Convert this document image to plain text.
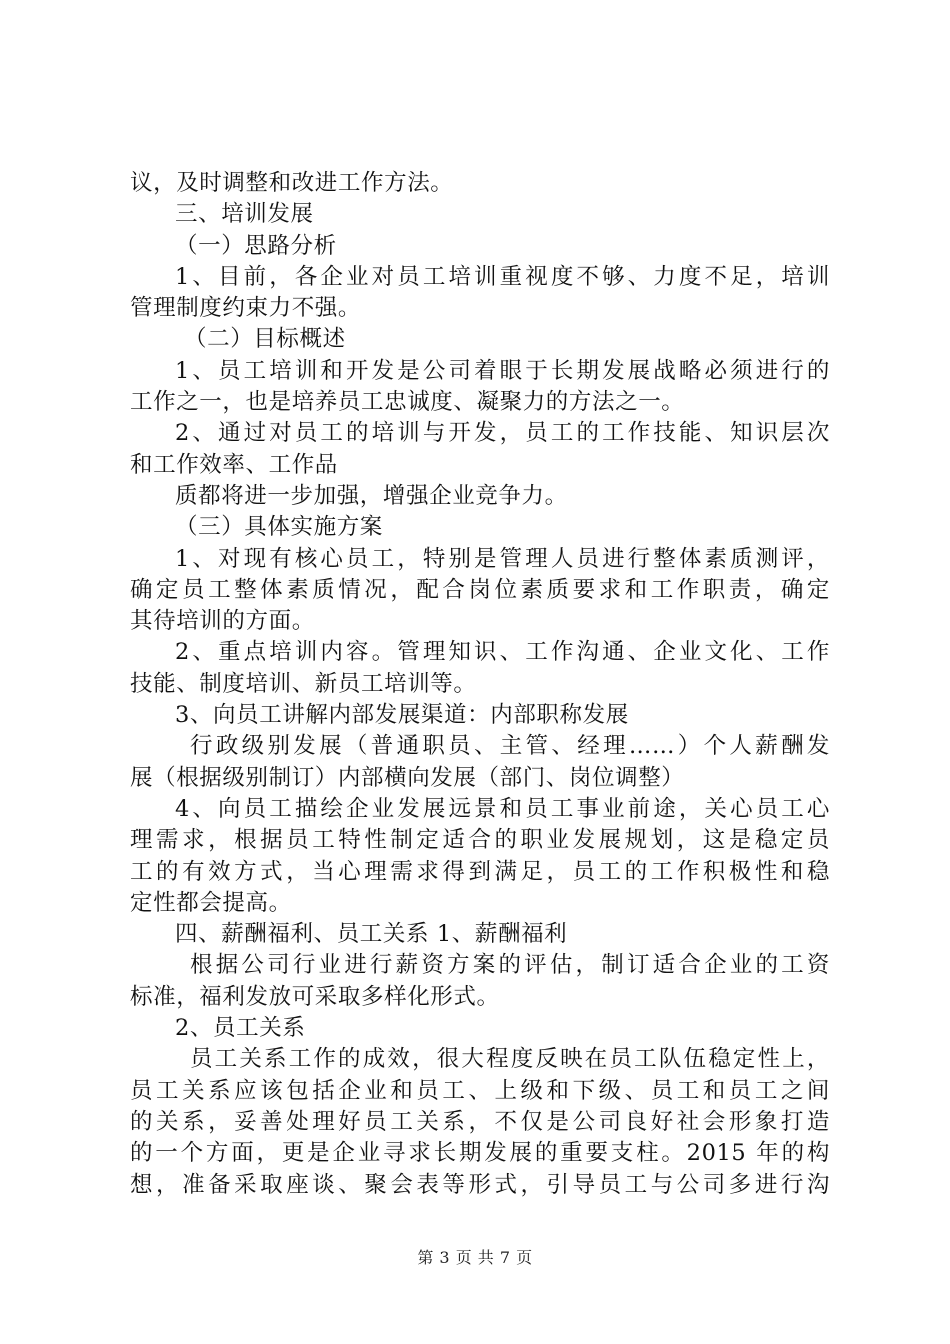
议，及时调整和改进工作方法。
三、培训发展
（一）思路分析
1、目前，各企业对员工培训重视度不够、力度不足，培训
管理制度约束力不强。
（二）目标概述
1、员工培训和开发是公司着眼于长期发展战略必须进行的
工作之一，也是培养员工忠诚度、凝聚力的方法之一。
2、通过对员工的培训与开发，员工的工作技能、知识层次
和工作效率、工作品
质都将进一步加强，增强企业竞争力。
（三）具体实施方案
1、对现有核心员工，特别是管理人员进行整体素质测评，
确定员工整体素质情况，配合岗位素质要求和工作职责，确定
其待培训的方面。
2、重点培训内容。管理知识、工作沟通、企业文化、工作
技能、制度培训、新员工培训等。
3、向员工讲解内部发展渠道：内部职称发展
行政级别发展（普通职员、主管、经理……）个人薪酬发
展（根据级别制订）内部横向发展（部门、岗位调整）
4、向员工描绘企业发展远景和员工事业前途，关心员工心
理需求，根据员工特性制定适合的职业发展规划，这是稳定员
工的有效方式，当心理需求得到满足，员工的工作积极性和稳
定性都会提高。
四、薪酬福利、员工关系 1、薪酬福利
根据公司行业进行薪资方案的评估，制订适合企业的工资
标准，福利发放可采取多样化形式。
2、员工关系
员工关系工作的成效，很大程度反映在员工队伍稳定性上，
员工关系应该包括企业和员工、上级和下级、员工和员工之间
的关系，妥善处理好员工关系，不仅是公司良好社会形象打造
的一个方面，更是企业寻求长期发展的重要支柱。2015 年的构
想，准备采取座谈、聚会表等形式，引导员工与公司多进行沟
第 3 页 共 7 页
